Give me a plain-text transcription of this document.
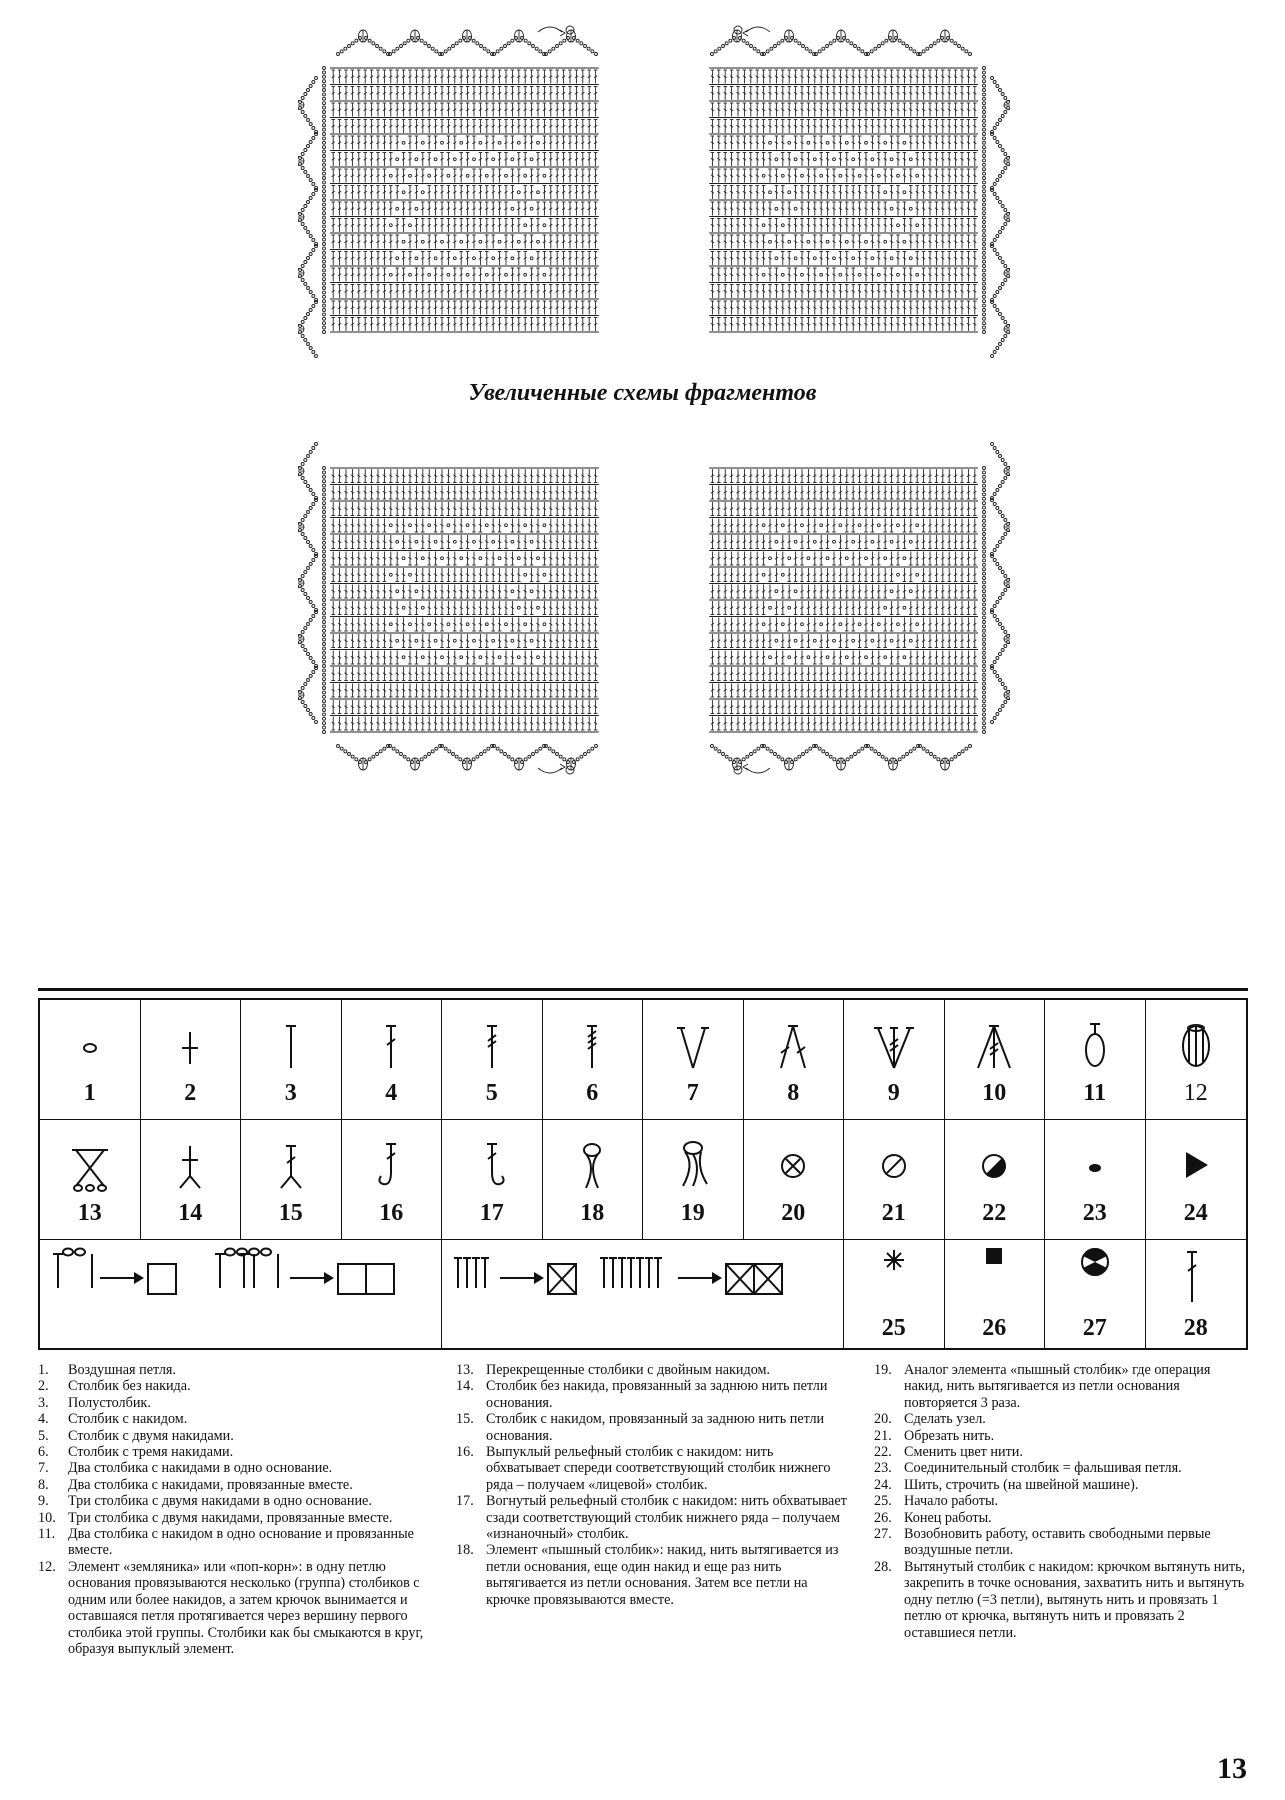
Увеличенные схемы фрагментов
1	2	3	4	5	6	7	8	9	10	11	12
13	14	15	16	17	18	19	20	21	22	23	24
25	26	27	28
1.	Воздушная петля.
2.	Столбик без накида.
3.	Полустолбик.
4.	Столбик с накидом.
5.	Столбик с двумя накидами.
6.	Столбик с тремя накидами.
7.	Два столбика с накидами в одно основание.
8.	Два столбика с накидами, провязанные вместе.
9.	Три столбика с двумя накидами в одно основание.
10. Три столбика с двумя накидами, провязанные вместе.
11. Два столбика с накидом в одно основание и провязанные вместе.
12. Элемент «земляника» или «поп-корн»: в одну петлю основания провязываются несколько (группа) столбиков с одним или более накидов, а затем крючок вынимается и оставшаяся петля протягивается через вершину первого столбика этой группы. Столбики как бы смыкаются в круг, образуя выпуклый элемент.
13. Перекрещенные столбики с двойным накидом.
14. Столбик без накида, провязанный за заднюю нить петли основания.
15. Столбик с накидом, провязанный за заднюю нить петли основания.
16. Выпуклый рельефный столбик с накидом: нить обхватывает спереди соответствующий столбик нижнего ряда – получаем «лицевой» столбик.
17. Вогнутый рельефный столбик с накидом: нить обхватывает сзади соответствующий столбик нижнего ряда – получаем «изнаночный» столбик.
18. Элемент «пышный столбик»: накид, нить вытягивается из петли основания, еще один накид и еще раз нить вытягивается из петли основания. Затем все петли на крючке провязываются вместе.
19. Аналог элемента «пышный столбик» где операция накид, нить вытягивается из петли основания повторяется 3 раза.
20. Сделать узел.
21. Обрезать нить.
22. Сменить цвет нити.
23. Соединительный столбик = фальшивая петля.
24. Шить, строчить (на швейной машине).
25. Начало работы.
26. Конец работы.
27. Возобновить работу, оставить свободными первые воздушные петли.
28. Вытянутый столбик с накидом: крючком вытянуть нить, закрепить в точке основания, захватить нить и вытянуть одну петлю (=3 петли), вытянуть нить и провязать 1 петлю от крючка, вытянуть нить и провязать 2 оставшиеся петли.
13
